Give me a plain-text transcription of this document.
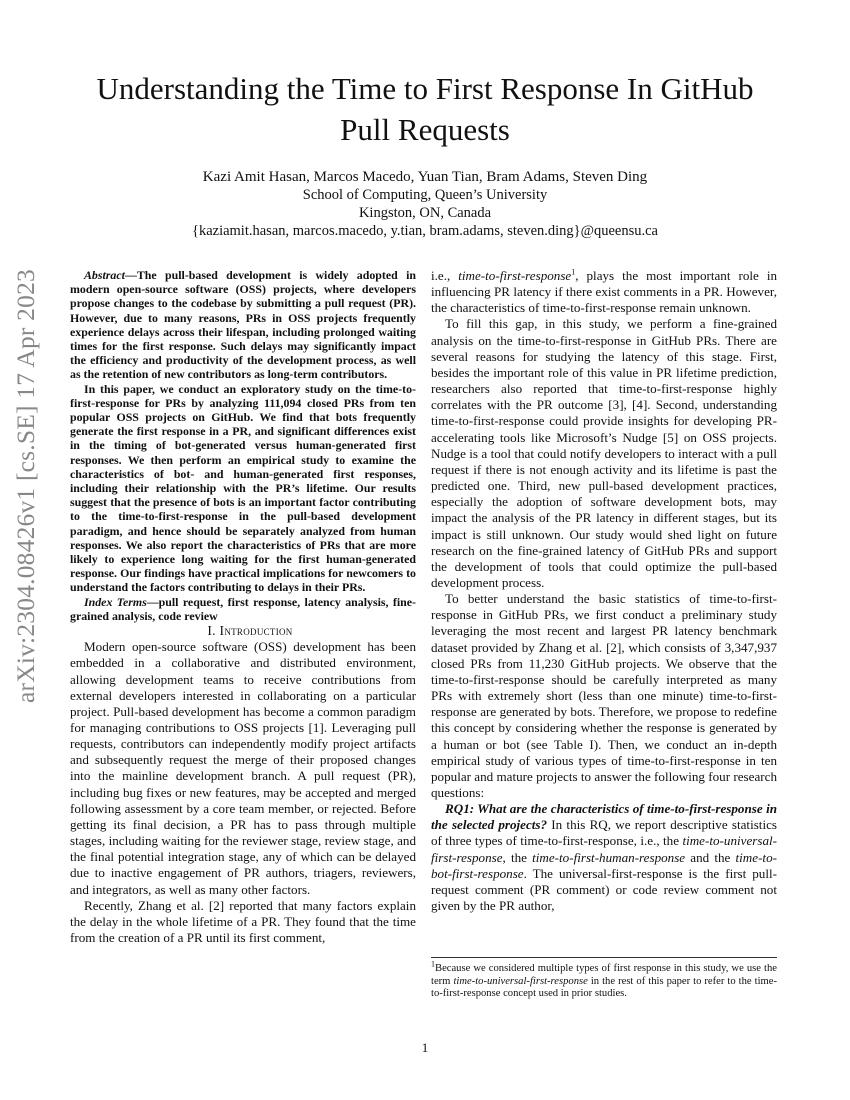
arXiv:2304.08426v1 [cs.SE] 17 Apr 2023
Understanding the Time to First Response In GitHub Pull Requests
Kazi Amit Hasan, Marcos Macedo, Yuan Tian, Bram Adams, Steven Ding
School of Computing, Queen’s University
Kingston, ON, Canada
{kaziamit.hasan, marcos.macedo, y.tian, bram.adams, steven.ding}@queensu.ca

Abstract—The pull-based development is widely adopted in modern open-source software (OSS) projects, where developers propose changes to the codebase by submitting a pull request (PR). However, due to many reasons, PRs in OSS projects frequently experience delays across their lifespan, including prolonged waiting times for the first response. Such delays may significantly impact the efficiency and productivity of the development process, as well as the retention of new contributors as long-term contributors.

In this paper, we conduct an exploratory study on the time-to-first-response for PRs by analyzing 111,094 closed PRs from ten popular OSS projects on GitHub. We find that bots frequently generate the first response in a PR, and significant differences exist in the timing of bot-generated versus human-generated first responses. We then perform an empirical study to examine the characteristics of bot- and human-generated first responses, including their relationship with the PR’s lifetime. Our results suggest that the presence of bots is an important factor contributing to the time-to-first-response in the pull-based development paradigm, and hence should be separately analyzed from human responses. We also report the characteristics of PRs that are more likely to experience long waiting for the first human-generated response. Our findings have practical implications for newcomers to understand the factors contributing to delays in their PRs.

Index Terms—pull request, first response, latency analysis, fine-grained analysis, code review

I. Introduction

Modern open-source software (OSS) development has been embedded in a collaborative and distributed environment, allowing development teams to receive contributions from external developers interested in collaborating on a particular project. Pull-based development has become a common paradigm for managing contributions to OSS projects [1]. Leveraging pull requests, contributors can independently modify project artifacts and subsequently request the merge of their proposed changes into the mainline development branch. A pull request (PR), including bug fixes or new features, may be accepted and merged following assessment by a core team member, or rejected. Before getting its final decision, a PR has to pass through multiple stages, including waiting for the reviewer stage, review stage, and the final potential integration stage, any of which can be delayed due to inactive engagement of PR authors, triagers, reviewers, and integrators, as well as many other factors.

Recently, Zhang et al. [2] reported that many factors explain the delay in the whole lifetime of a PR. They found that the time from the creation of a PR until its first comment,

i.e., time-to-first-response$^1$, plays the most important role in influencing PR latency if there exist comments in a PR. However, the characteristics of time-to-first-response remain unknown.

To fill this gap, in this study, we perform a fine-grained analysis on the time-to-first-response in GitHub PRs. There are several reasons for studying the latency of this stage. First, besides the important role of this value in PR lifetime prediction, researchers also reported that time-to-first-response highly correlates with the PR outcome [3], [4]. Second, understanding time-to-first-response could provide insights for developing PR-accelerating tools like Microsoft’s Nudge [5] on OSS projects. Nudge is a tool that could notify developers to interact with a pull request if there is not enough activity and its lifetime is past the predicted one. Third, new pull-based development practices, especially the adoption of software development bots, may impact the analysis of the PR latency in different stages, but its impact is still unknown. Our study would shed light on future research on the fine-grained latency of GitHub PRs and support the development of tools that could optimize the pull-based development process.

To better understand the basic statistics of time-to-first-response in GitHub PRs, we first conduct a preliminary study leveraging the most recent and largest PR latency benchmark dataset provided by Zhang et al. [2], which consists of 3,347,937 closed PRs from 11,230 GitHub projects. We observe that the time-to-first-response should be carefully interpreted as many PRs with extremely short (less than one minute) time-to-first-response are generated by bots. Therefore, we propose to redefine this concept by considering whether the response is generated by a human or bot (see Table I). Then, we conduct an in-depth empirical study of various types of time-to-first-response in ten popular and mature projects to answer the following four research questions:

RQ1: What are the characteristics of time-to-first-response in the selected projects? In this RQ, we report descriptive statistics of three types of time-to-first-response, i.e., the time-to-universal-first-response, the time-to-first-human-response and the time-to-bot-first-response. The universal-first-response is the first pull-request comment (PR comment) or code review comment not given by the PR author,

$^1$Because we considered multiple types of first response in this study, we use the term time-to-universal-first-response in the rest of this paper to refer to the time-to-first-response concept used in prior studies.
1
